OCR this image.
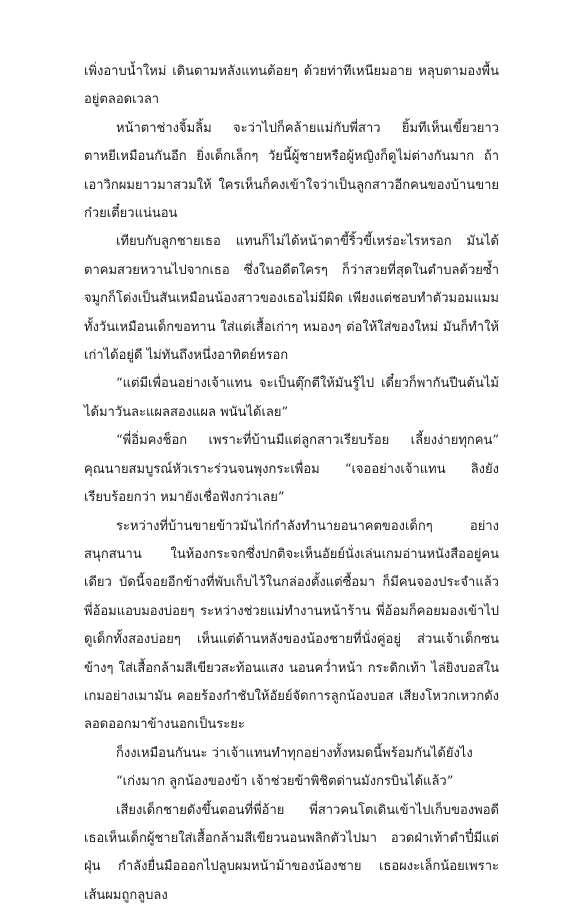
เพิ่งอาบน้ำใหม่ เดินตามหลังแทนต้อยๆ ด้วยท่าทีเหนียมอาย หลุบตามองพื้นอยู่ตลอดเวลา

หน้าตาช่างจิ้มลิ้ม จะว่าไปก็คล้ายแม่กับพี่สาว ยิ้มทีเห็นเขี้ยวยาว ตาหยีเหมือนกันอีก ยิ่งเด็กเล็กๆ วัยนี้ผู้ชายหรือผู้หญิงก็ดูไม่ต่างกันมาก ถ้าเอาวิกผมยาวมาสวมให้ ใครเห็นก็คงเข้าใจว่าเป็นลูกสาวอีกคนของบ้านขายก๋วยเตี๋ยวแน่นอน

เทียบกับลูกชายเธอ แทนก็ไม่ได้หน้าตาขี้ริ้วขี้เหร่อะไรหรอก มันได้ตาคมสวยหวานไปจากเธอ ซึ่งในอดีตใครๆ ก็ว่าสวยที่สุดในตำบลด้วยซ้ำ จมูกก็โด่งเป็นสันเหมือนน้องสาวของเธอไม่มีผิด เพียงแต่ชอบทำตัวมอมแมมทั้งวันเหมือนเด็กขอทาน ใส่แต่เสื้อเก่าๆ หมองๆ ต่อให้ใส่ของใหม่ มันก็ทำให้เก่าได้อยู่ดี ไม่ทันถึงหนึ่งอาทิตย์หรอก

“แต่มีเพื่อนอย่างเจ้าแทน จะเป็นตุ๊กตีให้มันรู้ไป เดี๋ยวก็พากันปีนต้นไม้ได้มาวันละแผลสองแผล พนันได้เลย”

“พี่อิ่มคงช็อก เพราะที่บ้านมีแต่ลูกสาวเรียบร้อย เลี้ยงง่ายทุกคน” คุณนายสมบูรณ์หัวเราะร่วนจนพุงกระเพื่อม “เจออย่างเจ้าแทน ลิงยังเรียบร้อยกว่า หมายังเชื่อฟังกว่าเลย”

ระหว่างที่บ้านขายข้าวมันไก่กำลังทำนายอนาคตของเด็กๆ อย่างสนุกสนาน ในห้องกระจกซึ่งปกติจะเห็นอัยย์นั่งเล่นเกมอ่านหนังสืออยู่คนเดียว บัดนี้จอยอีกข้างที่พับเก็บไว้ในกล่องตั้งแต่ซื้อมา ก็มีคนจองประจำแล้ว พี่อ้อมแอบมองบ่อยๆ ระหว่างช่วยแม่ทำงานหน้าร้าน พี่อ้อมก็คอยมองเข้าไปดูเด็กทั้งสองบ่อยๆ เห็นแต่ด้านหลังของน้องชายที่นั่งคู่อยู่ ส่วนเจ้าเด็กซนข้างๆ ใส่เสื้อกล้ามสีเขียวสะท้อนแสง นอนคว่ำหน้า กระดิกเท้า ไล่ยิงบอสในเกมอย่างเมามัน คอยร้องกำชับให้อัยย์จัดการลูกน้องบอส เสียงโหวกเหวกดังลอดออกมาข้างนอกเป็นระยะ

ก็งงเหมือนกันนะ ว่าเจ้าแทนทำทุกอย่างทั้งหมดนี้พร้อมกันได้ยังไง

“เก่งมาก ลูกน้องของข้า เจ้าช่วยข้าพิชิตด่านมังกรบินได้แล้ว”

เสียงเด็กชายดังขึ้นตอนที่พี่อ้าย พี่สาวคนโตเดินเข้าไปเก็บของพอดี เธอเห็นเด็กผู้ชายใส่เสื้อกล้ามสีเขียวนอนพลิกตัวไปมา อวดฝ่าเท้าดำปี๋มีแต่ฝุ่น กำลังยื่นมือออกไปลูบผมหน้าม้าของน้องชาย เธอผงะเล็กน้อยเพราะเส้นผมถูกลูบลง
